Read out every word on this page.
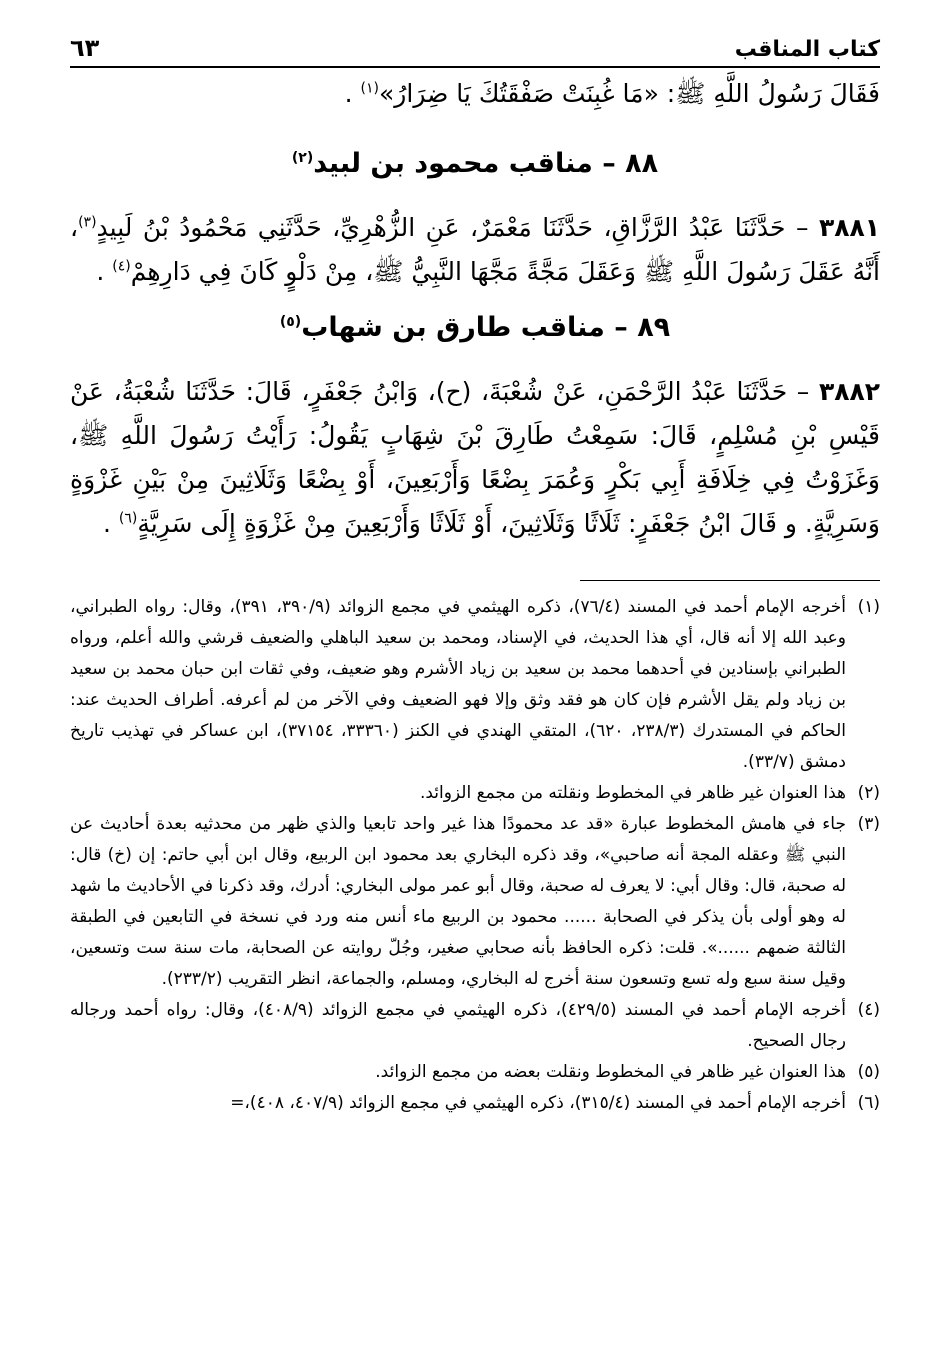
كتاب المناقب
٦٣

فَقَالَ رَسُولُ اللَّهِ ﷺ: «مَا غُبِنَتْ صَفْقَتُكَ يَا ضِرَارُ»$^{(١)}$ .

٨٨ – مناقب محمود بن لبيد$^{(٢)}$

٣٨٨١ – حَدَّثَنَا عَبْدُ الرَّزَّاقِ، حَدَّثَنَا مَعْمَرٌ، عَنِ الزُّهْرِيِّ، حَدَّثَنِي مَحْمُودُ بْنُ لَبِيدٍ$^{(٣)}$، أَنَّهُ عَقَلَ رَسُولَ اللَّهِ ﷺ وَعَقَلَ مَجَّةً مَجَّهَا النَّبِيُّ ﷺ، مِنْ دَلْوٍ كَانَ فِي دَارِهِمْ$^{(٤)}$ .

٨٩ – مناقب طارق بن شهاب$^{(٥)}$

٣٨٨٢ – حَدَّثَنَا عَبْدُ الرَّحْمَنِ، عَنْ شُعْبَةَ، (ح)، وَابْنُ جَعْفَرٍ، قَالَ: حَدَّثَنَا شُعْبَةُ، عَنْ قَيْسِ بْنِ مُسْلِمٍ، قَالَ: سَمِعْتُ طَارِقَ بْنَ شِهَابٍ يَقُولُ: رَأَيْتُ رَسُولَ اللَّهِ ﷺ، وَغَزَوْتُ فِي خِلَافَةِ أَبِي بَكْرٍ وَعُمَرَ بِضْعًا وَأَرْبَعِينَ، أَوْ بِضْعًا وَثَلَاثِينَ مِنْ بَيْنِ غَزْوَةٍ وَسَرِيَّةٍ. و قَالَ ابْنُ جَعْفَرٍ: ثَلَاثًا وَثَلَاثِينَ، أَوْ ثَلَاثًا وَأَرْبَعِينَ مِنْ غَزْوَةٍ إِلَى سَرِيَّةٍ$^{(٦)}$ .

(١)
أخرجه الإمام أحمد في المسند (٧٦/٤)، ذكره الهيثمي في مجمع الزوائد (٣٩٠/٩، ٣٩١)، وقال: رواه الطبراني، وعبد الله إلا أنه قال، أي هذا الحديث، في الإسناد، ومحمد بن سعيد الباهلي والضعيف قرشي والله أعلم، ورواه الطبراني بإسنادين في أحدهما محمد بن سعيد بن زياد الأشرم وهو ضعيف، وفي ثقات ابن حبان محمد بن سعيد بن زياد ولم يقل الأشرم فإن كان هو فقد وثق وإلا فهو الضعيف وفي الآخر من لم أعرفه. أطراف الحديث عند: الحاكم في المستدرك (٢٣٨/٣، ٦٢٠)، المتقي الهندي في الكنز (٣٣٣٦٠، ٣٧١٥٤)، ابن عساكر في تهذيب تاريخ دمشق (٣٣/٧).
(٢)
هذا العنوان غير ظاهر في المخطوط ونقلته من مجمع الزوائد.
(٣)
جاء في هامش المخطوط عبارة «قد عد محمودًا هذا غير واحد تابعيا والذي ظهر من محدثيه بعدة أحاديث عن النبي ﷺ وعقله المجة أنه صاحبي»، وقد ذكره البخاري بعد محمود ابن الربيع، وقال ابن أبي حاتم: إن (خ) قال: له صحبة، قال: وقال أبي: لا يعرف له صحبة، وقال أبو عمر مولى البخاري: أدرك، وقد ذكرنا في الأحاديث ما شهد له وهو أولى بأن يذكر في الصحابة ...... محمود بن الربيع ماء أنس منه ورد في نسخة في التابعين في الطبقة الثالثة ضمهم ......». قلت: ذكره الحافظ بأنه صحابي صغير، وجُلّ روايته عن الصحابة، مات سنة ست وتسعين، وقيل سنة سبع وله تسع وتسعون سنة أخرج له البخاري، ومسلم، والجماعة، انظر التقريب (٢٣٣/٢).
(٤)
أخرجه الإمام أحمد في المسند (٤٢٩/٥)، ذكره الهيثمي في مجمع الزوائد (٤٠٨/٩)، وقال: رواه أحمد ورجاله رجال الصحيح.
(٥)
هذا العنوان غير ظاهر في المخطوط ونقلت بعضه من مجمع الزوائد.
(٦)
أخرجه الإمام أحمد في المسند (٣١٥/٤)، ذكره الهيثمي في مجمع الزوائد (٤٠٧/٩، ٤٠٨)،=
